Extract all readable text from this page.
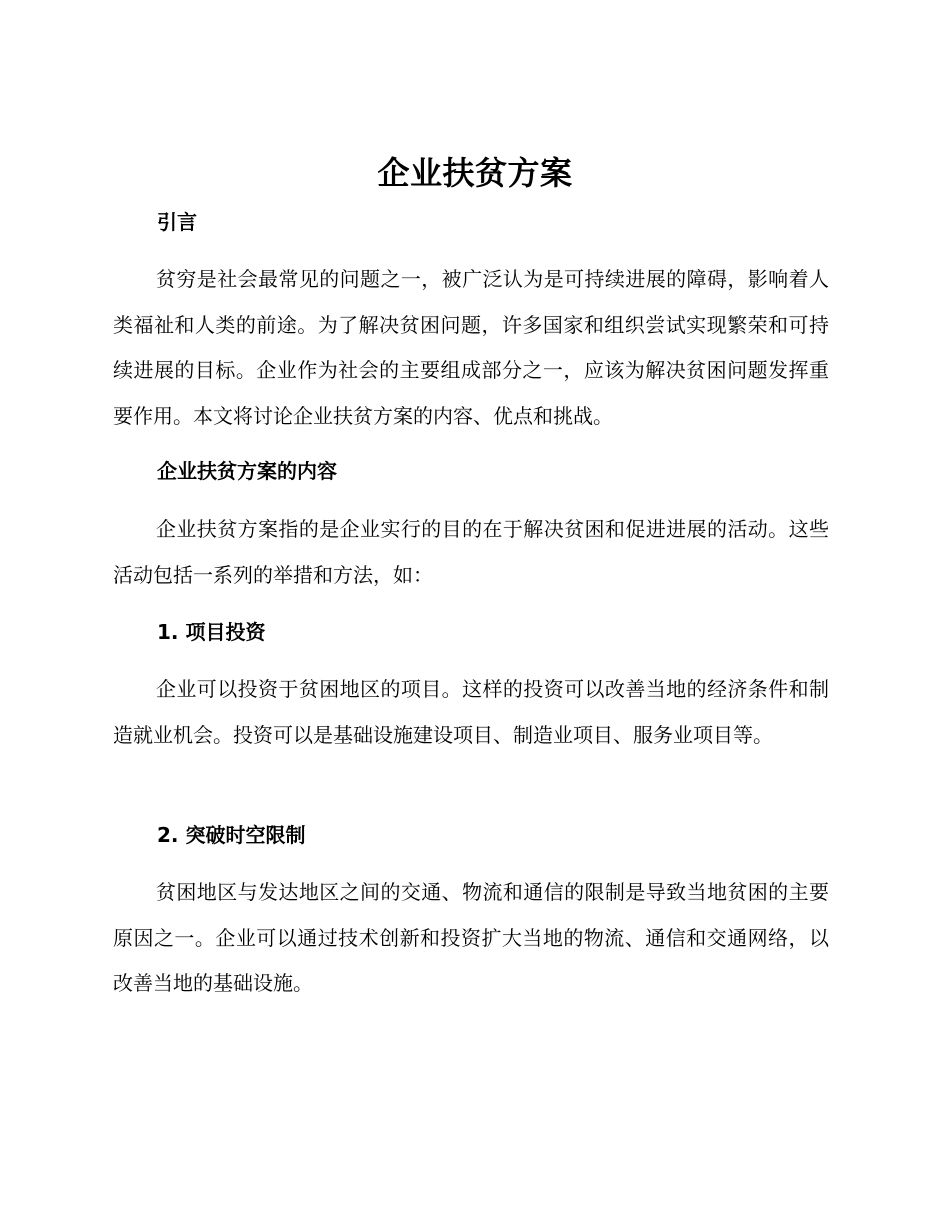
企业扶贫方案
引言
贫穷是社会最常见的问题之一，被广泛认为是可持续进展的障碍，影响着人类福祉和人类的前途。为了解决贫困问题，许多国家和组织尝试实现繁荣和可持续进展的目标。企业作为社会的主要组成部分之一，应该为解决贫困问题发挥重要作用。本文将讨论企业扶贫方案的内容、优点和挑战。
企业扶贫方案的内容
企业扶贫方案指的是企业实行的目的在于解决贫困和促进进展的活动。这些活动包括一系列的举措和方法，如：
1. 项目投资
企业可以投资于贫困地区的项目。这样的投资可以改善当地的经济条件和制造就业机会。投资可以是基础设施建设项目、制造业项目、服务业项目等。
2. 突破时空限制
贫困地区与发达地区之间的交通、物流和通信的限制是导致当地贫困的主要原因之一。企业可以通过技术创新和投资扩大当地的物流、通信和交通网络，以改善当地的基础设施。
